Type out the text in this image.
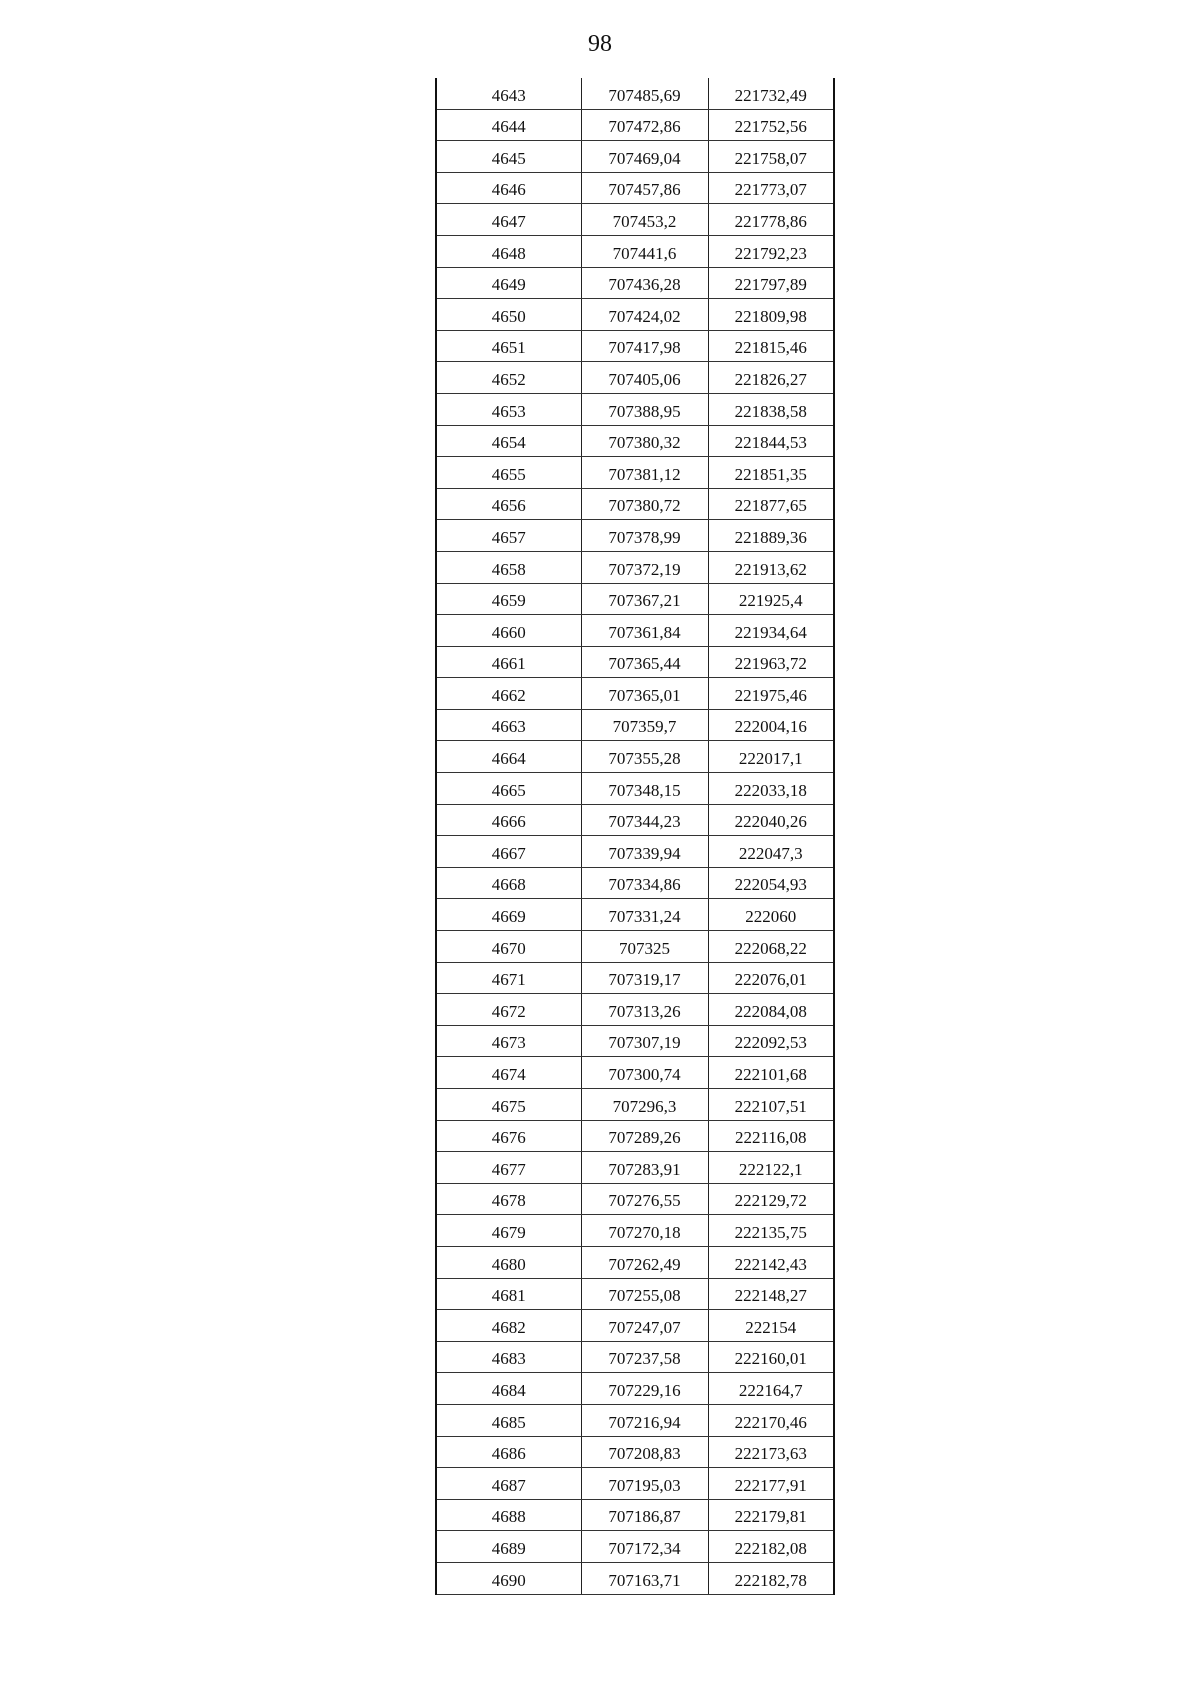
98
4643	707485,69	221732,49
4644	707472,86	221752,56
4645	707469,04	221758,07
4646	707457,86	221773,07
4647	707453,2	221778,86
4648	707441,6	221792,23
4649	707436,28	221797,89
4650	707424,02	221809,98
4651	707417,98	221815,46
4652	707405,06	221826,27
4653	707388,95	221838,58
4654	707380,32	221844,53
4655	707381,12	221851,35
4656	707380,72	221877,65
4657	707378,99	221889,36
4658	707372,19	221913,62
4659	707367,21	221925,4
4660	707361,84	221934,64
4661	707365,44	221963,72
4662	707365,01	221975,46
4663	707359,7	222004,16
4664	707355,28	222017,1
4665	707348,15	222033,18
4666	707344,23	222040,26
4667	707339,94	222047,3
4668	707334,86	222054,93
4669	707331,24	222060
4670	707325	222068,22
4671	707319,17	222076,01
4672	707313,26	222084,08
4673	707307,19	222092,53
4674	707300,74	222101,68
4675	707296,3	222107,51
4676	707289,26	222116,08
4677	707283,91	222122,1
4678	707276,55	222129,72
4679	707270,18	222135,75
4680	707262,49	222142,43
4681	707255,08	222148,27
4682	707247,07	222154
4683	707237,58	222160,01
4684	707229,16	222164,7
4685	707216,94	222170,46
4686	707208,83	222173,63
4687	707195,03	222177,91
4688	707186,87	222179,81
4689	707172,34	222182,08
4690	707163,71	222182,78
